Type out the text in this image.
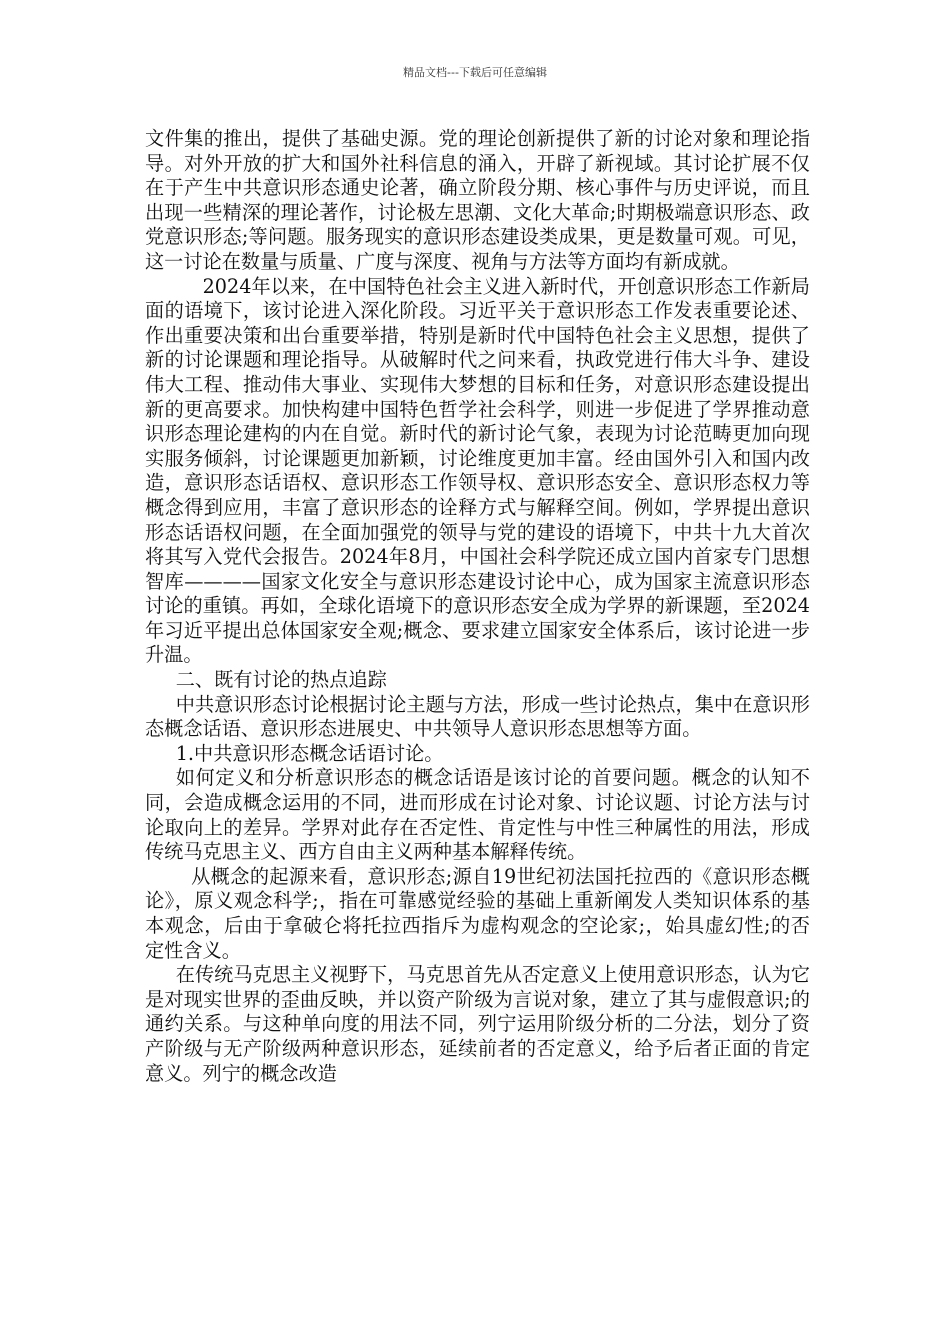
精品文档---下载后可任意编辑

文件集的推出，提供了基础史源。党的理论创新提供了新的讨论对象和理论指导。对外开放的扩大和国外社科信息的涌入，开辟了新视域。其讨论扩展不仅在于产生中共意识形态通史论著，确立阶段分期、核心事件与历史评说，而且出现一些精深的理论著作，讨论极左思潮、文化大革命;时期极端意识形态、政党意识形态;等问题。服务现实的意识形态建设类成果，更是数量可观。可见，这一讨论在数量与质量、广度与深度、视角与方法等方面均有新成就。

2024年以来，在中国特色社会主义进入新时代，开创意识形态工作新局面的语境下，该讨论进入深化阶段。习近平关于意识形态工作发表重要论述、作出重要决策和出台重要举措，特别是新时代中国特色社会主义思想，提供了新的讨论课题和理论指导。从破解时代之问来看，执政党进行伟大斗争、建设伟大工程、推动伟大事业、实现伟大梦想的目标和任务，对意识形态建设提出新的更高要求。加快构建中国特色哲学社会科学，则进一步促进了学界推动意识形态理论建构的内在自觉。新时代的新讨论气象，表现为讨论范畴更加向现实服务倾斜，讨论课题更加新颖，讨论维度更加丰富。经由国外引入和国内改造，意识形态话语权、意识形态工作领导权、意识形态安全、意识形态权力等概念得到应用，丰富了意识形态的诠释方式与解释空间。例如，学界提出意识形态话语权问题，在全面加强党的领导与党的建设的语境下，中共十九大首次将其写入党代会报告。2024年8月，中国社会科学院还成立国内首家专门思想智库————国家文化安全与意识形态建设讨论中心，成为国家主流意识形态讨论的重镇。再如，全球化语境下的意识形态安全成为学界的新课题，至2024年习近平提出总体国家安全观;概念、要求建立国家安全体系后，该讨论进一步升温。

二、既有讨论的热点追踪

中共意识形态讨论根据讨论主题与方法，形成一些讨论热点，集中在意识形态概念话语、意识形态进展史、中共领导人意识形态思想等方面。

1.中共意识形态概念话语讨论。

如何定义和分析意识形态的概念话语是该讨论的首要问题。概念的认知不同，会造成概念运用的不同，进而形成在讨论对象、讨论议题、讨论方法与讨论取向上的差异。学界对此存在否定性、肯定性与中性三种属性的用法，形成传统马克思主义、西方自由主义两种基本解释传统。

从概念的起源来看，意识形态;源自19世纪初法国托拉西的《意识形态概论》，原义观念科学;，指在可靠感觉经验的基础上重新阐发人类知识体系的基本观念，后由于拿破仑将托拉西指斥为虚构观念的空论家;，始具虚幻性;的否定性含义。

在传统马克思主义视野下，马克思首先从否定意义上使用意识形态，认为它是对现实世界的歪曲反映，并以资产阶级为言说对象，建立了其与虚假意识;的通约关系。与这种单向度的用法不同，列宁运用阶级分析的二分法，划分了资产阶级与无产阶级两种意识形态，延续前者的否定意义，给予后者正面的肯定意义。列宁的概念改造
